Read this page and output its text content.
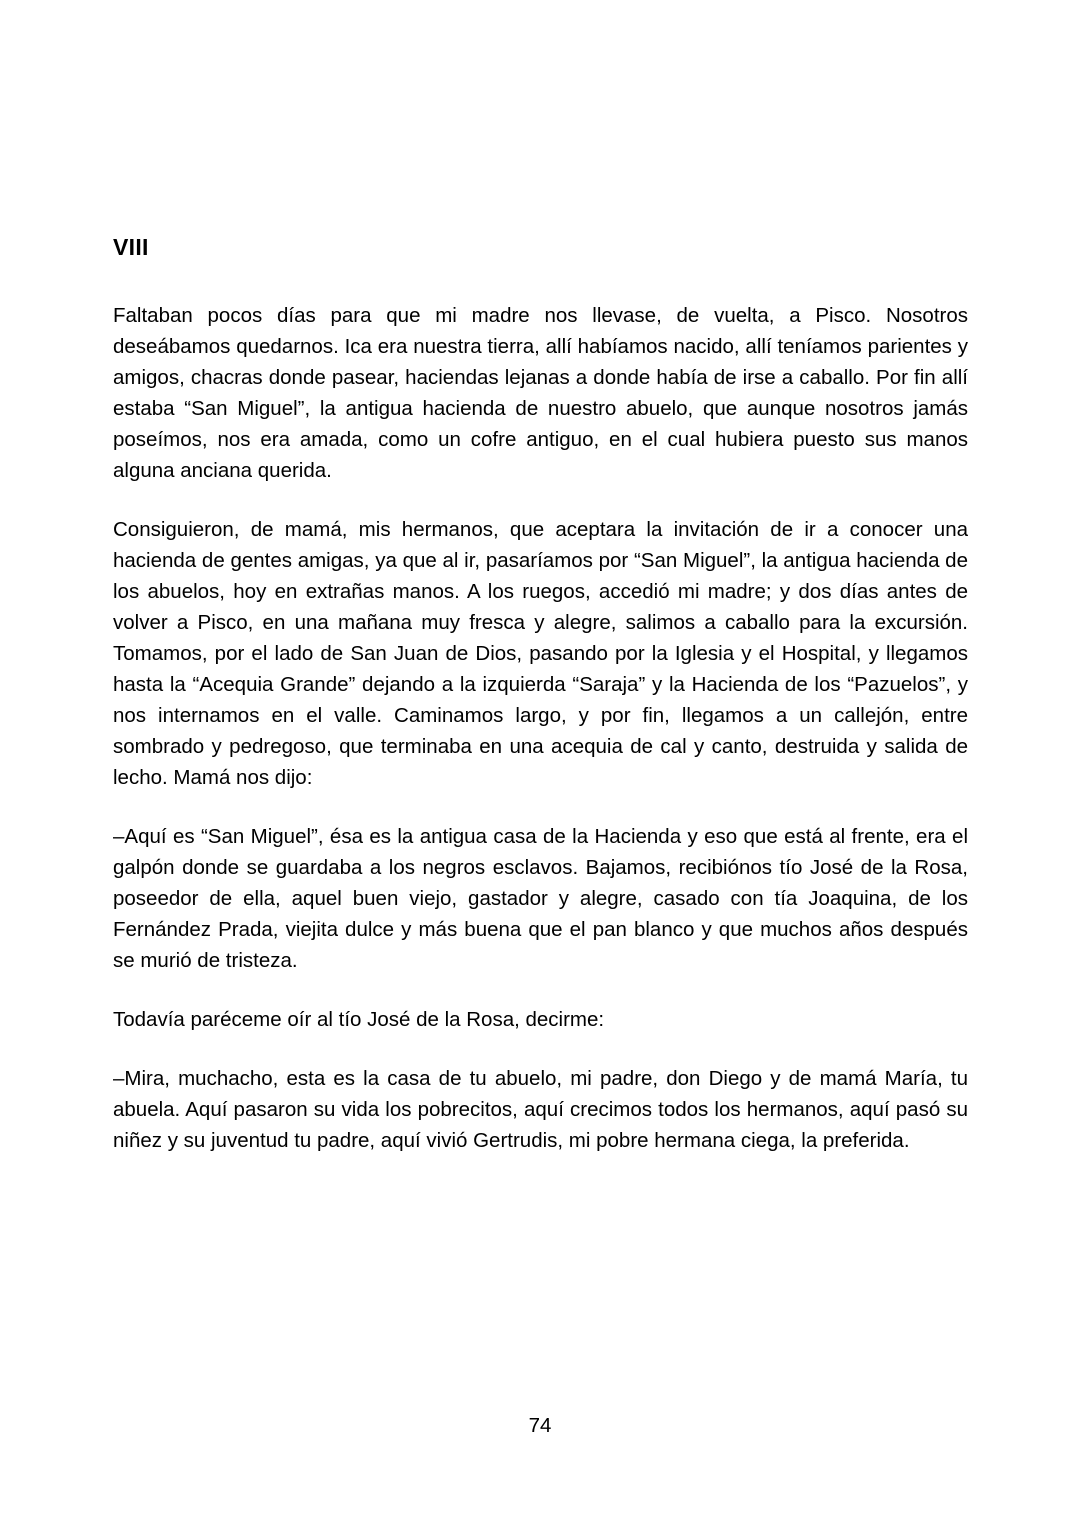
VIII

Faltaban pocos días para que mi madre nos llevase, de vuelta, a Pisco. Nosotros deseábamos quedarnos. Ica era nuestra tierra, allí habíamos nacido, allí teníamos parientes y amigos, chacras donde pasear, haciendas lejanas a donde había de irse a caballo. Por fin allí estaba “San Miguel”, la antigua hacienda de nuestro abuelo, que aunque nosotros jamás poseímos, nos era amada, como un cofre antiguo, en el cual hubiera puesto sus manos alguna anciana querida.

Consiguieron, de mamá, mis hermanos, que aceptara la invitación de ir a conocer una hacienda de gentes amigas, ya que al ir, pasaríamos por “San Miguel”, la antigua hacienda de los abuelos, hoy en extrañas manos. A los ruegos, accedió mi madre; y dos días antes de volver a Pisco, en una mañana muy fresca y alegre, salimos a caballo para la excursión. Tomamos, por el lado de San Juan de Dios, pasando por la Iglesia y el Hospital, y llegamos hasta la “Acequia Grande” dejando a la izquierda “Saraja” y la Hacienda de los “Pazuelos”, y nos internamos en el valle. Caminamos largo, y por fin, llegamos a un callejón, entre sombrado y pedregoso, que terminaba en una acequia de cal y canto, destruida y salida de lecho. Mamá nos dijo:

–Aquí es “San Miguel”, ésa es la antigua casa de la Hacienda y eso que está al frente, era el galpón donde se guardaba a los negros esclavos. Bajamos, recibiónos tío José de la Rosa, poseedor de ella, aquel buen viejo, gastador y alegre, casado con tía Joaquina, de los Fernández Prada, viejita dulce y más buena que el pan blanco y que muchos años después se murió de tristeza.

Todavía paréceme oír al tío José de la Rosa, decirme:

–Mira, muchacho, esta es la casa de tu abuelo, mi padre, don Diego y de mamá María, tu abuela. Aquí pasaron su vida los pobrecitos, aquí crecimos todos los hermanos, aquí pasó su niñez y su juventud tu padre, aquí vivió Gertrudis, mi pobre hermana ciega, la preferida.

74
